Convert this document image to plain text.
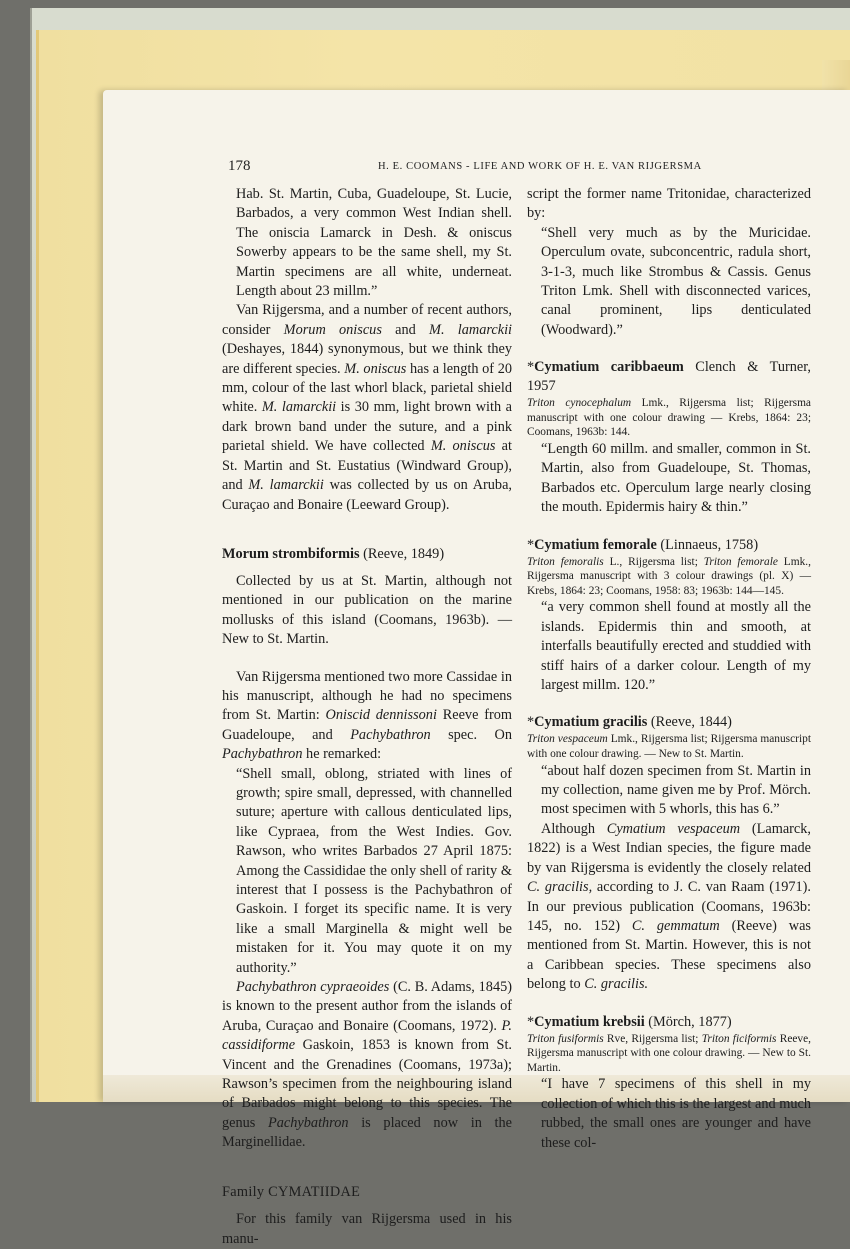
178	H. E. COOMANS - LIFE AND WORK OF H. E. VAN RIJGERSMA

Hab. St. Martin, Cuba, Guadeloupe, St. Lucie, Barbados, a very common West Indian shell. The oniscia Lamarck in Desh. & oniscus Sowerby appears to be the same shell, my St. Martin specimens are all white, underneat. Length about 23 millm.”

Van Rijgersma, and a number of recent authors, consider Morum oniscus and M. lamarckii (Deshayes, 1844) synonymous, but we think they are different species. M. oniscus has a length of 20 mm, colour of the last whorl black, parietal shield white. M. lamarckii is 30 mm, light brown with a dark brown band under the suture, and a pink parietal shield. We have collected M. oniscus at St. Martin and St. Eustatius (Windward Group), and M. lamarckii was collected by us on Aruba, Curaçao and Bonaire (Leeward Group).

Morum strombiformis (Reeve, 1849)

Collected by us at St. Martin, although not mentioned in our publication on the marine mollusks of this island (Coomans, 1963b). — New to St. Martin.

Van Rijgersma mentioned two more Cassidae in his manuscript, although he had no specimens from St. Martin: Oniscid dennissoni Reeve from Guadeloupe, and Pachybathron spec. On Pachybathron he remarked:

“Shell small, oblong, striated with lines of growth; spire small, depressed, with channelled suture; aperture with callous denticulated lips, like Cypraea, from the West Indies. Gov. Rawson, who writes Barbados 27 April 1875: Among the Cassididae the only shell of rarity & interest that I possess is the Pachybathron of Gaskoin. I forget its specific name. It is very like a small Marginella & might well be mistaken for it. You may quote it on my authority.”

Pachybathron cypraeoides (C. B. Adams, 1845) is known to the present author from the islands of Aruba, Curaçao and Bonaire (Coomans, 1972). P. cassidiforme Gaskoin, 1853 is known from St. Vincent and the Grenadines (Coomans, 1973a); Rawson’s specimen from the neighbouring island of Barbados might belong to this species. The genus Pachybathron is placed now in the Marginellidae.

Family CYMATIIDAE

For this family van Rijgersma used in his manu-

script the former name Tritonidae, characterized by:

“Shell very much as by the Muricidae. Operculum ovate, subconcentric, radula short, 3-1-3, much like Strombus & Cassis. Genus Triton Lmk. Shell with disconnected varices, canal prominent, lips denticulated (Woodward).”

*Cymatium caribbaeum Clench & Turner, 1957

Triton cynocephalum Lmk., Rijgersma list; Rijgersma manuscript with one colour drawing — Krebs, 1864: 23; Coomans, 1963b: 144.

“Length 60 millm. and smaller, common in St. Martin, also from Guadeloupe, St. Thomas, Barbados etc. Operculum large nearly closing the mouth. Epidermis hairy & thin.”

*Cymatium femorale (Linnaeus, 1758)

Triton femoralis L., Rijgersma list; Triton femorale Lmk., Rijgersma manuscript with 3 colour drawings (pl. X) — Krebs, 1864: 23; Coomans, 1958: 83; 1963b: 144—145.

“a very common shell found at mostly all the islands. Epidermis thin and smooth, at interfalls beautifully erected and studdied with stiff hairs of a darker colour. Length of my largest millm. 120.”

*Cymatium gracilis (Reeve, 1844)

Triton vespaceum Lmk., Rijgersma list; Rijgersma manuscript with one colour drawing. — New to St. Martin.

“about half dozen specimen from St. Martin in my collection, name given me by Prof. Mörch. most specimen with 5 whorls, this has 6.”

Although Cymatium vespaceum (Lamarck, 1822) is a West Indian species, the figure made by van Rijgersma is evidently the closely related C. gracilis, according to J. C. van Raam (1971). In our previous publication (Coomans, 1963b: 145, no. 152) C. gemmatum (Reeve) was mentioned from St. Martin. However, this is not a Caribbean species. These specimens also belong to C. gracilis.

*Cymatium krebsii (Mörch, 1877)

Triton fusiformis Rve, Rijgersma list; Triton ficiformis Reeve, Rijgersma manuscript with one colour drawing. — New to St. Martin.

“I have 7 specimens of this shell in my collection of which this is the largest and much rubbed, the small ones are younger and have these col-
